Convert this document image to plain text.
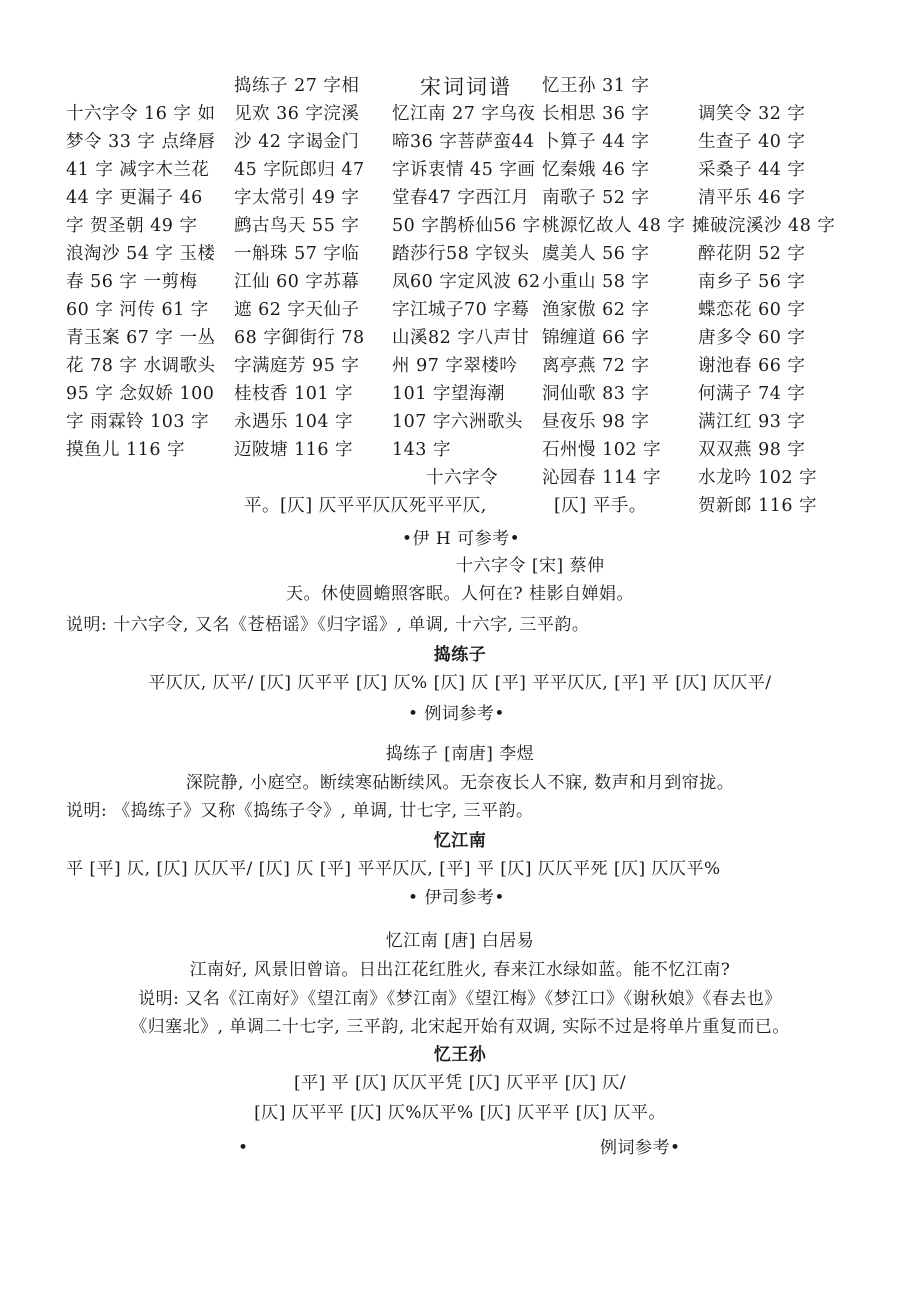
宋词词谱
十六字令 16 字 如
梦令 33 字 点绛唇
41 字 减字木兰花
44 字 更漏子 46
字 贺圣朝 49 字
浪淘沙 54 字 玉楼
春 56 字 一剪梅
60 字 河传 61 字
青玉案 67 字 一丛
花 78 字 水调歌头
95 字 念奴娇 100
字 雨霖铃 103 字
摸鱼儿 116 字
捣练子 27 字相
见欢 36 字浣溪
沙 42 字谒金门
45 字阮郎归 47
字太常引 49 字
鹧古鸟天 55 字
一斛珠 57 字临
江仙 60 字苏幕
遮 62 字天仙子
68 字御街行 78
字满庭芳 95 字
桂枝香 101 字
永遇乐 104 字
迈陂塘 116 字
忆江南 27 字乌夜
啼36 字菩萨蛮44
字诉衷情 45 字画
堂春47 字西江月
50 字鹊桥仙56 字
踏莎行58 字钗头
凤60 字定风波 62
字江城子70 字蓦
山溪82 字八声甘
州 97 字翠楼吟
101 字望海潮
107 字六洲歌头
143 字
十六字令
忆王孙 31 字
长相思 36 字
卜算子 44 字
忆秦娥 46 字
南歌子 52 字
桃源忆故人 48 字
虞美人 56 字
小重山 58 字
渔家傲 62 字
锦缠道 66 字
离亭燕 72 字
洞仙歌 83 字
昼夜乐 98 字
石州慢 102 字
沁园春 114 字
[仄] 平手。
调笑令 32 字
生查子 40 字
采桑子 44 字
清平乐 46 字
摊破浣溪沙 48 字
醉花阴 52 字
南乡子 56 字
蝶恋花 60 字
唐多令 60 字
谢池春 66 字
何满子 74 字
满江红 93 字
双双燕 98 字
水龙吟 102 字
贺新郎 116 字
平。[仄] 仄平平仄仄死平平仄,
•伊 H 可参考•
十六字令 [宋] 蔡伸
天。休使圆蟾照客眠。人何在? 桂影自婵娟。
说明: 十六字令, 又名《苍梧谣》《归字谣》, 单调, 十六字, 三平韵。
捣练子
平仄仄, 仄平/ [仄] 仄平平 [仄] 仄% [仄] 仄 [平] 平平仄仄, [平] 平 [仄] 仄仄平/
• 例词参考•
捣练子 [南唐] 李煜
深院静, 小庭空。断续寒砧断续风。无奈夜长人不寐, 数声和月到帘拢。
说明: 《捣练子》又称《捣练子令》, 单调, 廿七字, 三平韵。
忆江南
平 [平] 仄, [仄] 仄仄平/ [仄] 仄 [平] 平平仄仄, [平] 平 [仄] 仄仄平死 [仄] 仄仄平%
• 伊司参考•
忆江南 [唐] 白居易
江南好, 风景旧曾谙。日出江花红胜火, 春来江水绿如蓝。能不忆江南?
说明: 又名《江南好》《望江南》《梦江南》《望江梅》《梦江口》《谢秋娘》《春去也》
《归塞北》, 单调二十七字, 三平韵, 北宋起开始有双调, 实际不过是将单片重复而已。
忆王孙
[平] 平 [仄] 仄仄平凭 [仄] 仄平平 [仄] 仄/
[仄] 仄平平 [仄] 仄%仄平% [仄] 仄平平 [仄] 仄平。
•	例词参考•
